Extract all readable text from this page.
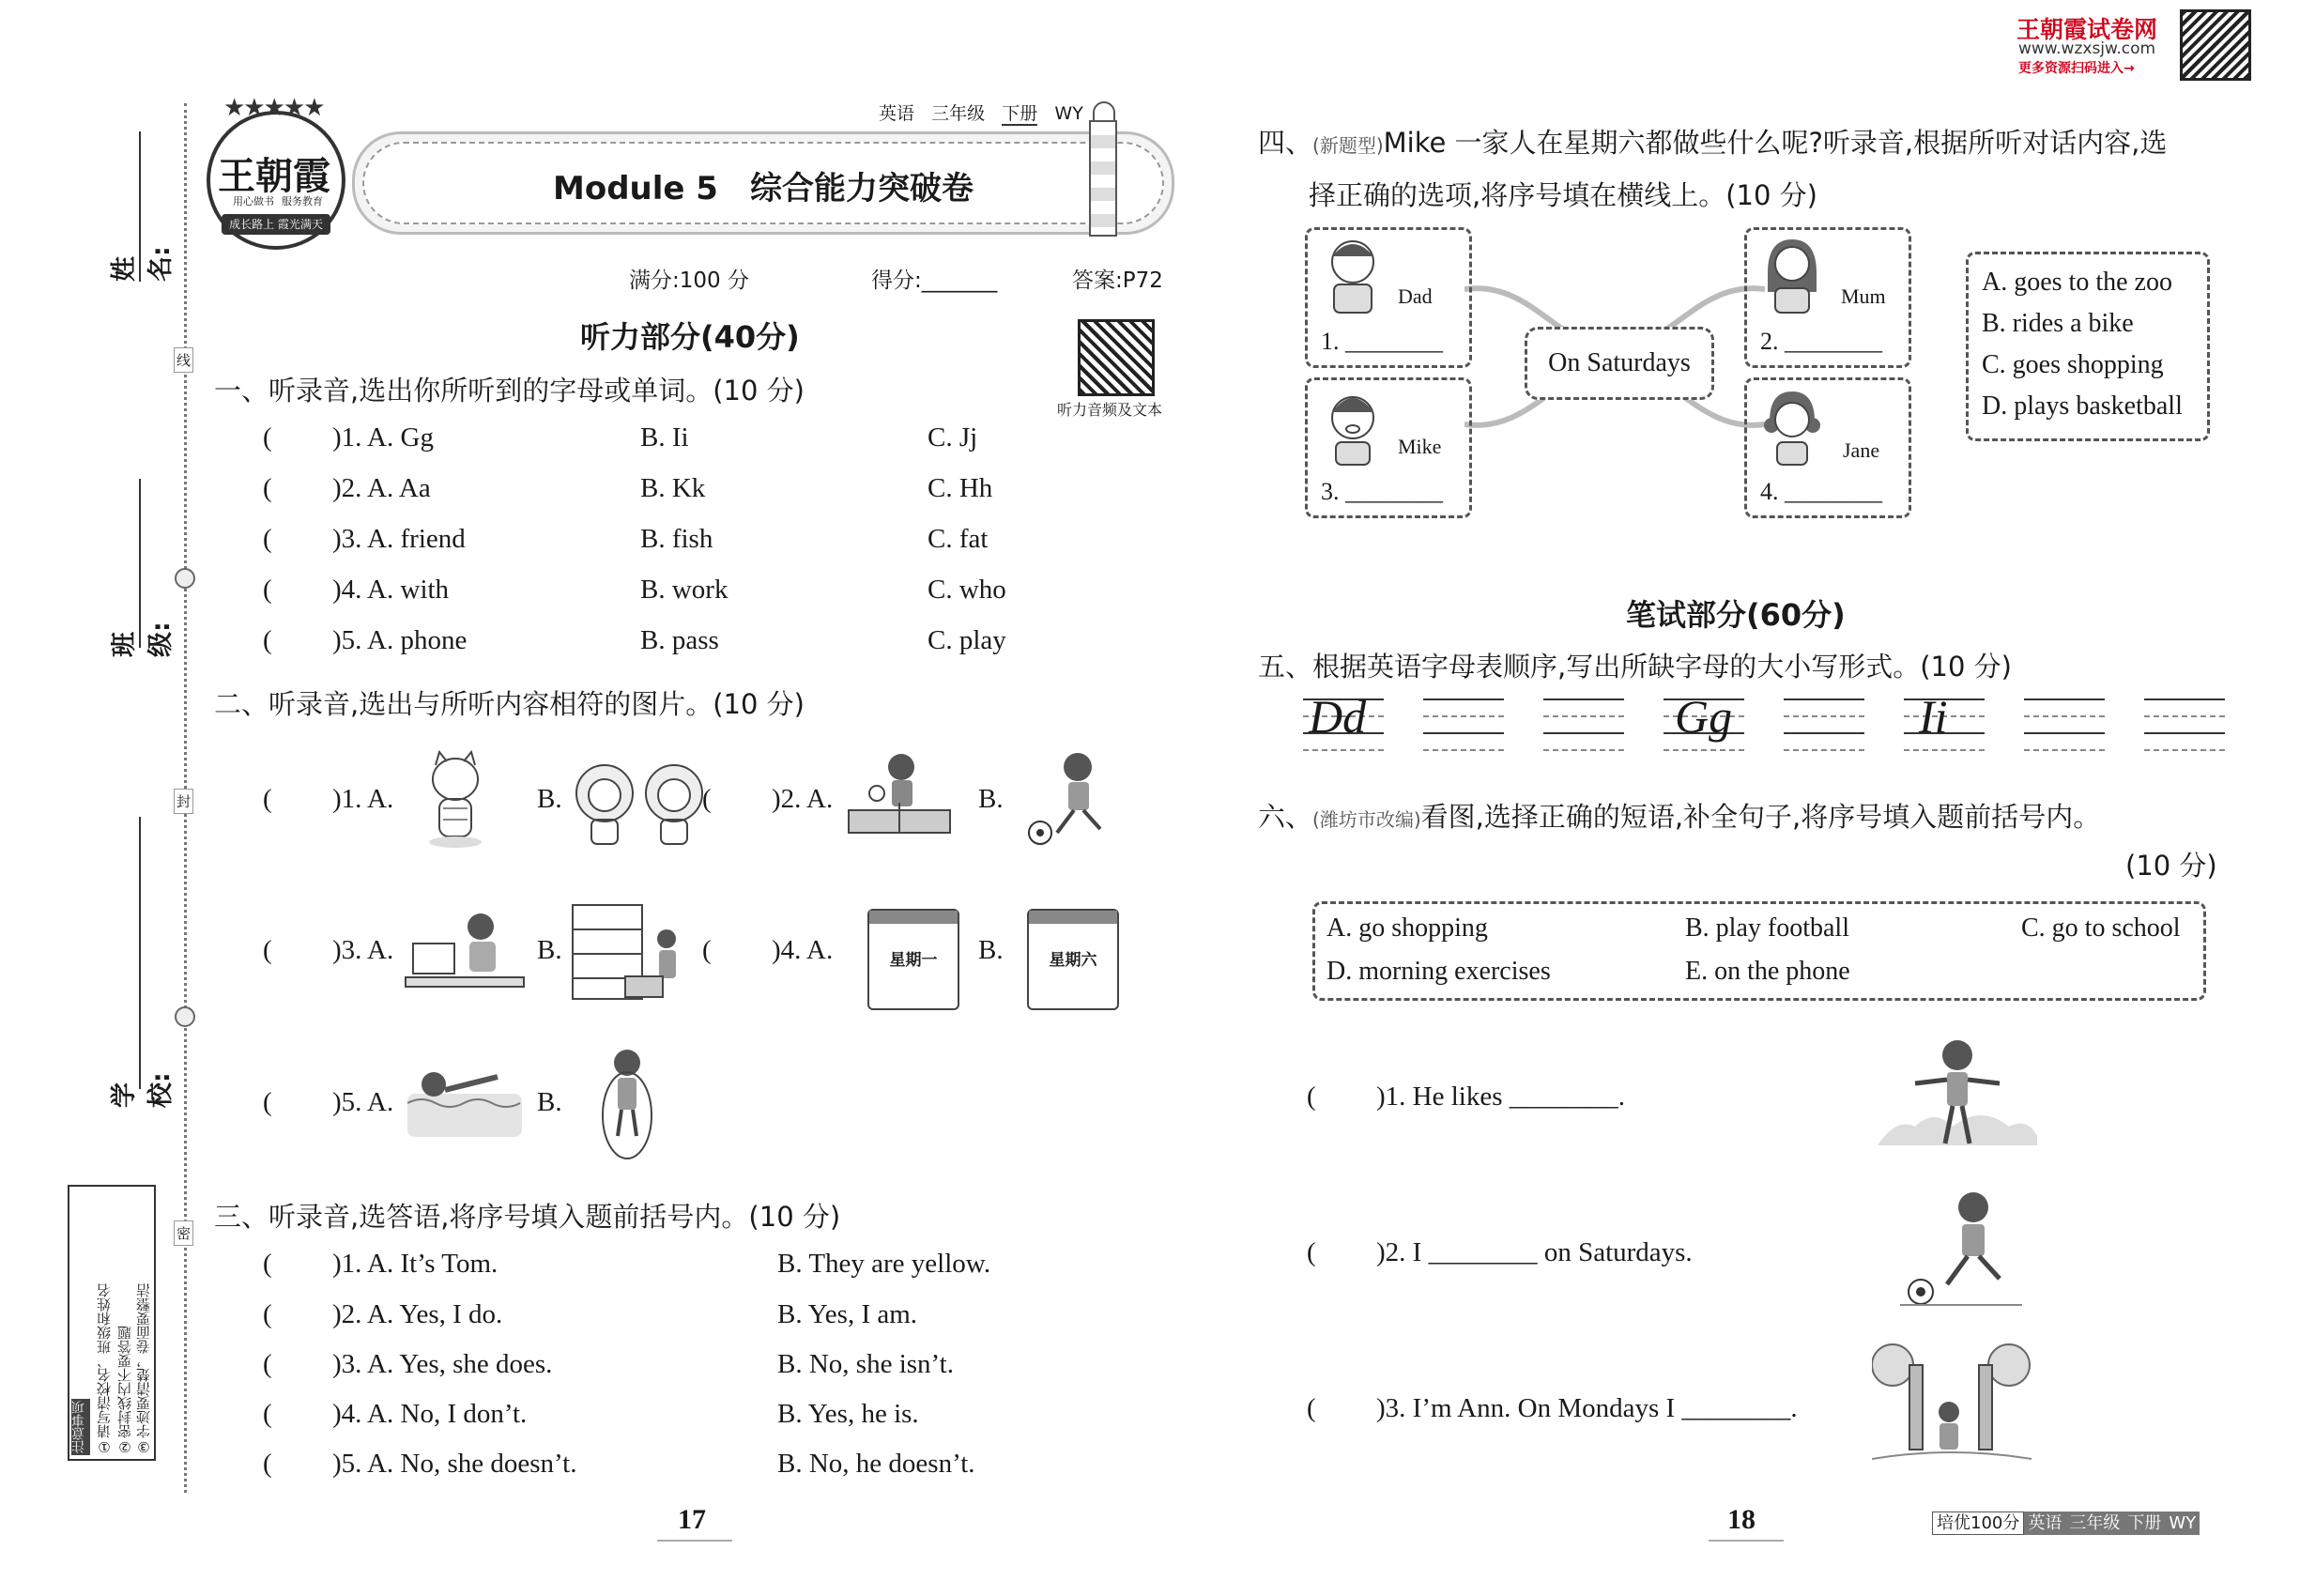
姓　名:
班　级:
学　校:
线
封
密
注意事项 ①请写清校名、班级和姓名 ②密封线内不要答题 ③字迹要清楚，卷面要整洁
★★★★★
王朝霞
用心做书 服务教育
成长路上 霞光满天
英语 三年级 下册 WY
Module 5　综合能力突破卷
满分:100 分	得分:_______	答案:P72
听力部分(40分)
听力音频及文本
一、听录音,选出你所听到的字母或单词。(10 分)
( )1. A. Gg	B. Ii	C. Jj
( )2. A. Aa	B. Kk	C. Hh
( )3. A. friend	B. fish	C. fat
( )4. A. with	B. work	C. who
( )5. A. phone	B. pass	C. play
二、听录音,选出与所听内容相符的图片。(10 分)
( )1. A.	B.	( )2. A.	B.
( )3. A.	B.	( )4. A.	星期一	B.	星期六
( )5. A.	B.
三、听录音,选答语,将序号填入题前括号内。(10 分)
( )1. A. It’s Tom.	B. They are yellow.
( )2. A. Yes, I do.	B. Yes, I am.
( )3. A. Yes, she does.	B. No, she isn’t.
( )4. A. No, I don’t.	B. Yes, he is.
( )5. A. No, she doesn’t.	B. No, he doesn’t.
17
王朝霞试卷网
www.wzxsjw.com
更多资源扫码进入→
四、(新题型)Mike 一家人在星期六都做些什么呢?听录音,根据所听对话内容,选
择正确的选项,将序号填在横线上。(10 分)
On Saturdays
Dad
1. ________
Mum
2. ________
Mike
3. ________
Jane
4. ________
A. goes to the zoo
B. rides a bike
C. goes shopping
D. plays basketball
笔试部分(60分)
五、根据英语字母表顺序,写出所缺字母的大小写形式。(10 分)
Dd	Gg	Ii
六、(潍坊市改编)看图,选择正确的短语,补全句子,将序号填入题前括号内。
(10 分)
A. go shopping	B. play football	C. go to school
D. morning exercises	E. on the phone
( )1. He likes ________.
( )2. I ________ on Saturdays.
( )3. I’m Ann. On Mondays I ________.
18	培优100分 英语 三年级 下册 WY
